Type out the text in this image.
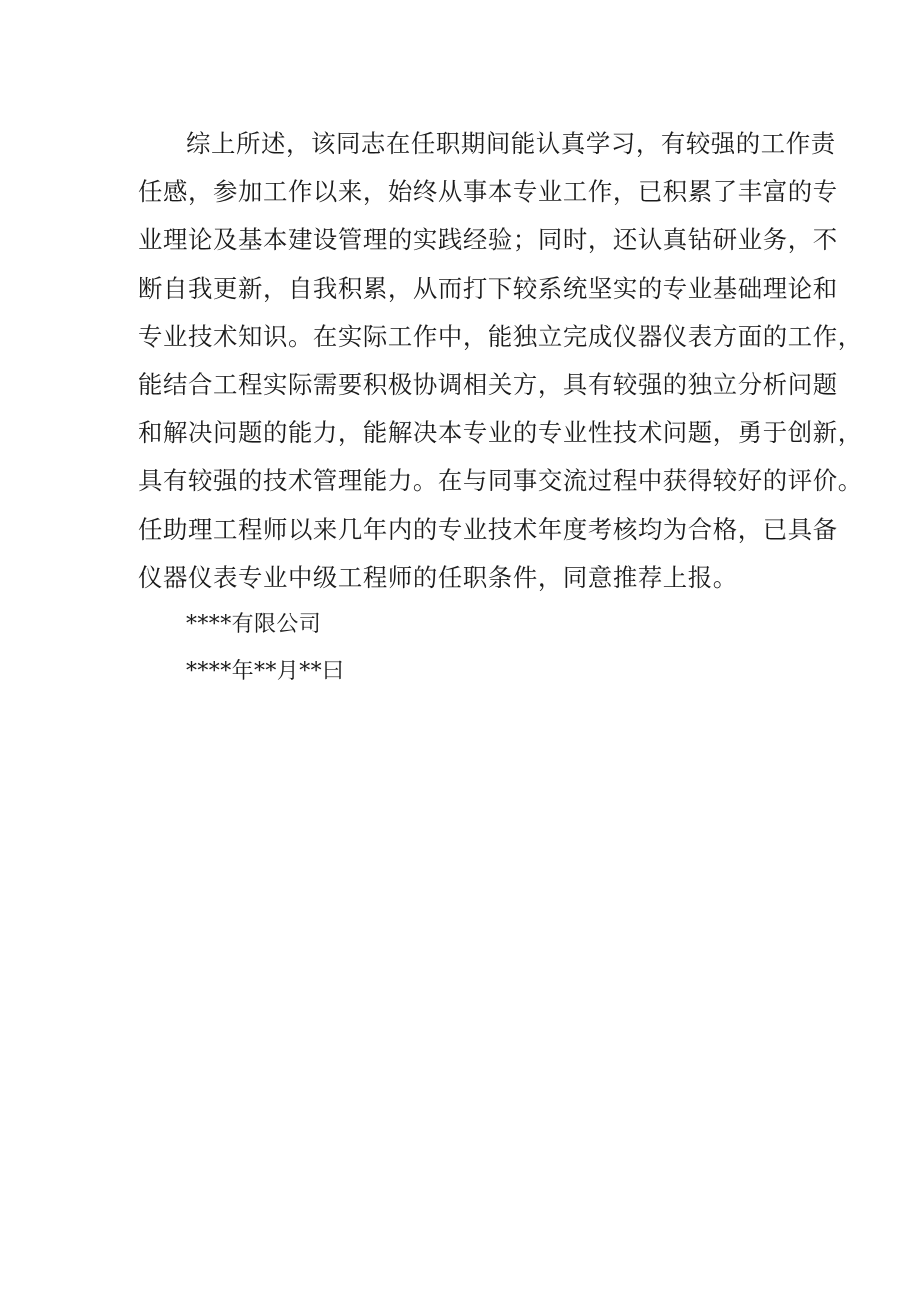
综上所述，该同志在任职期间能认真学习，有较强的工作责
任感，参加工作以来，始终从事本专业工作，已积累了丰富的专
业理论及基本建设管理的实践经验；同时，还认真钻研业务，不
断自我更新，自我积累，从而打下较系统坚实的专业基础理论和
专业技术知识。在实际工作中，能独立完成仪器仪表方面的工作，
能结合工程实际需要积极协调相关方，具有较强的独立分析问题
和解决问题的能力，能解决本专业的专业性技术问题，勇于创新，
具有较强的技术管理能力。在与同事交流过程中获得较好的评价。
任助理工程师以来几年内的专业技术年度考核均为合格，已具备
仪器仪表专业中级工程师的任职条件，同意推荐上报。
****有限公司
****年**月**曰
